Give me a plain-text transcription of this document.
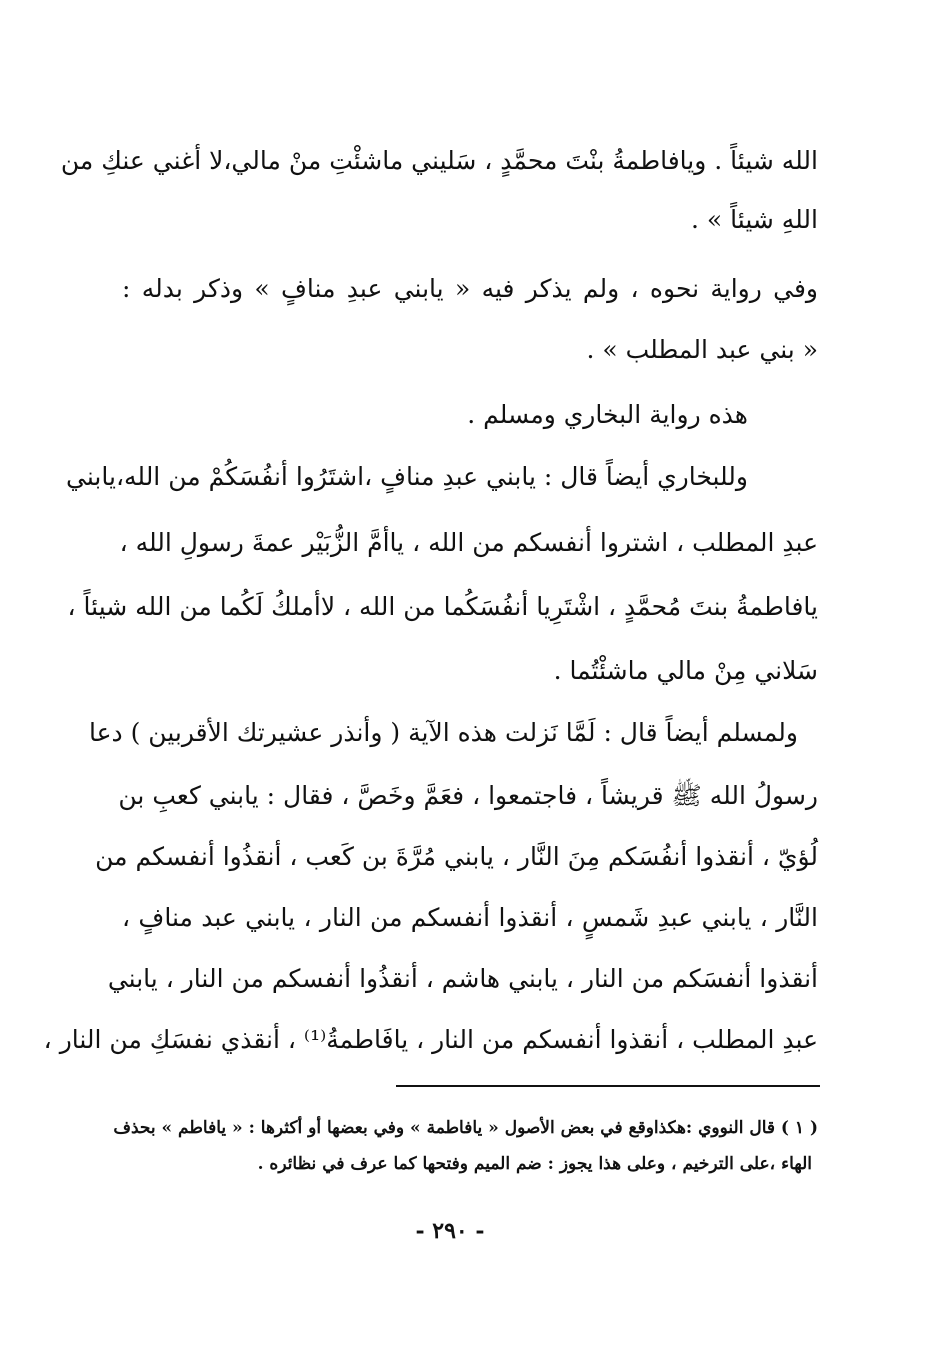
الله شيئاً . ويافاطمةُ بنْتَ محمَّدٍ ، سَليني ماشئْتِ منْ مالي،لا أغني عنكِ من
اللهِ شيئاً » .
وفي رواية نحوه ، ولم يذكر فيه « يابني عبدِ منافٍ » وذكر بدله :
« بني عبد المطلب » .
هذه رواية البخاري ومسلم .
وللبخاري أيضاً قال : يابني عبدِ منافٍ ،اشتَرُوا أنفُسَكُمْ من الله،يابني
عبدِ المطلب ، اشتروا أنفسكم من الله ، ياأمَّ الزُّبَيْر عمةَ رسولِ الله ،
يافاطمةُ بنتَ مُحمَّدٍ ، اشْتَرِيا أنفُسَكُما من الله ، لاأملكُ لَكُما من الله شيئاً ،
سَلاني مِنْ مالي ماشئْتُما .
ولمسلم أيضاً قال : لَمَّا نَزلت هذه الآية ( وأنذر عشيرتك الأقربين ) دعا
رسولُ الله ﷺ قريشاً ، فاجتمعوا ، فعَمَّ وخَصَّ ، فقال : يابني كعبِ بن
لُؤيّ ، أنقذوا أنفُسَكم مِنَ النَّار ، يابني مُرَّةَ بن كَعب ، أنقذُوا أنفسكم من
النَّار ، يابني عبدِ شَمسٍ ، أنقذوا أنفسكم من النار ، يابني عبد منافٍ ،
أنقذوا أنفسَكم من النار ، يابني هاشم ، أنقذُوا أنفسكم من النار ، يابني
عبدِ المطلب ، أنقذوا أنفسكم من النار ، يافَاطمةُ⁽¹⁾ ، أنقذي نفسَكِ من النار ،
( ١ ) قال النووي :هكذاوقع في بعض الأصول « يافاطمة » وفي بعضها أو أكثرها : « يافاطم » بحذف
الهاء ،على الترخيم ، وعلى هذا يجوز : ضم الميم وفتحها كما عرف في نظائره .
- ٢٩٠ -
